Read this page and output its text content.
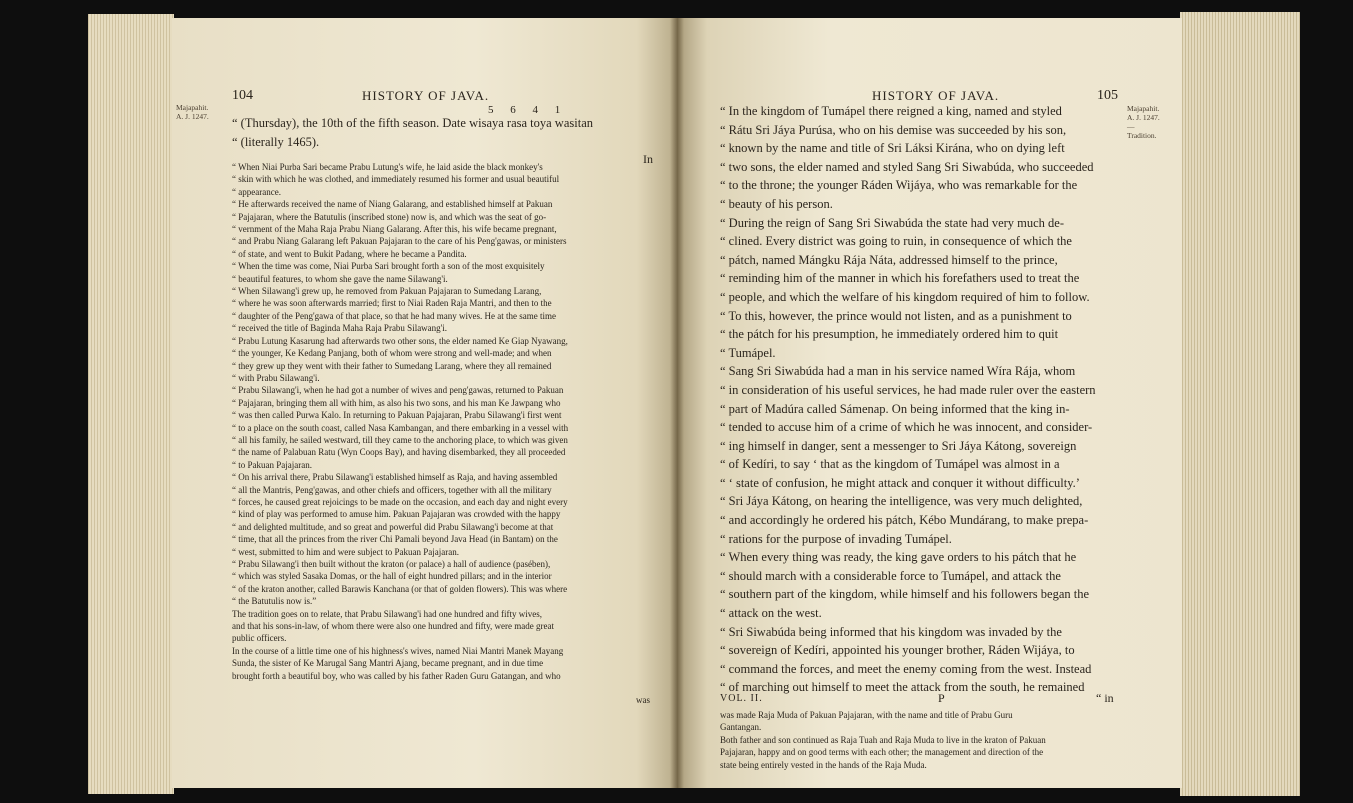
Majapahit.
A. J. 1247.
104	HISTORY OF JAVA.
5 6 4 1

“ (Thursday), the 10th of the fifth season. Date wisaya rasa toya wasitan

“ (literally 1465).

In

“ When Niai Purba Sari became Prabu Lutung's wife, he laid aside the black monkey's

“ skin with which he was clothed, and immediately resumed his former and usual beautiful

“ appearance.

“ He afterwards received the name of Niang Galarang, and established himself at Pakuan

“ Pajajaran, where the Batutulis (inscribed stone) now is, and which was the seat of go-

“ vernment of the Maha Raja Prabu Niang Galarang. After this, his wife became pregnant,

“ and Prabu Niang Galarang left Pakuan Pajajaran to the care of his Peng'gawas, or ministers

“ of state, and went to Bukit Padang, where he became a Pandita.

“ When the time was come, Niai Purba Sari brought forth a son of the most exquisitely

“ beautiful features, to whom she gave the name Silawang'i.

“ When Silawang'i grew up, he removed from Pakuan Pajajaran to Sumedang Larang,

“ where he was soon afterwards married; first to Niai Raden Raja Mantri, and then to the

“ daughter of the Peng'gawa of that place, so that he had many wives. He at the same time

“ received the title of Baginda Maha Raja Prabu Silawang'i.

“ Prabu Lutung Kasarung had afterwards two other sons, the elder named Ke Giap Nyawang,

“ the younger, Ke Kedang Panjang, both of whom were strong and well-made; and when

“ they grew up they went with their father to Sumedang Larang, where they all remained

“ with Prabu Silawang'i.

“ Prabu Silawang'i, when he had got a number of wives and peng'gawas, returned to Pakuan

“ Pajajaran, bringing them all with him, as also his two sons, and his man Ke Jawpang who

“ was then called Purwa Kalo. In returning to Pakuan Pajajaran, Prabu Silawang'i first went

“ to a place on the south coast, called Nasa Kambangan, and there embarking in a vessel with

“ all his family, he sailed westward, till they came to the anchoring place, to which was given

“ the name of Palabuan Ratu (Wyn Coops Bay), and having disembarked, they all proceeded

“ to Pakuan Pajajaran.

“ On his arrival there, Prabu Silawang'i established himself as Raja, and having assembled

“ all the Mantris, Peng'gawas, and other chiefs and officers, together with all the military

“ forces, he caused great rejoicings to be made on the occasion, and each day and night every

“ kind of play was performed to amuse him. Pakuan Pajajaran was crowded with the happy

“ and delighted multitude, and so great and powerful did Prabu Silawang'i become at that

“ time, that all the princes from the river Chi Pamali beyond Java Head (in Bantam) on the

“ west, submitted to him and were subject to Pakuan Pajajaran.

“ Prabu Silawang'i then built without the kraton (or palace) a hall of audience (pasében),

“ which was styled Sasaka Domas, or the hall of eight hundred pillars; and in the interior

“ of the kraton another, called Barawis Kanchana (or that of golden flowers). This was where

“ the Batutulis now is.”

The tradition goes on to relate, that Prabu Silawang'i had one hundred and fifty wives,

and that his sons-in-law, of whom there were also one hundred and fifty, were made great

public officers.

In the course of a little time one of his highness's wives, named Niai Mantri Manek Mayang

Sunda, the sister of Ke Marugal Sang Mantri Ajang, became pregnant, and in due time

brought forth a beautiful boy, who was called by his father Raden Guru Gatangan, and who

was
HISTORY OF JAVA.	105
Majapahit.
A. J. 1247.
—
Tradition.

“ In the kingdom of Tumápel there reigned a king, named and styled

“ Rátu Sri Jáya Purúsa, who on his demise was succeeded by his son,

“ known by the name and title of Sri Láksi Kirána, who on dying left

“ two sons, the elder named and styled Sang Sri Siwabúda, who succeeded

“ to the throne; the younger Ráden Wijáya, who was remarkable for the

“ beauty of his person.

“ During the reign of Sang Sri Siwabúda the state had very much de-

“ clined. Every district was going to ruin, in consequence of which the

“ pátch, named Mángku Rája Náta, addressed himself to the prince,

“ reminding him of the manner in which his forefathers used to treat the

“ people, and which the welfare of his kingdom required of him to follow.

“ To this, however, the prince would not listen, and as a punishment to

“ the pátch for his presumption, he immediately ordered him to quit

“ Tumápel.

“ Sang Sri Siwabúda had a man in his service named Wíra Rája, whom

“ in consideration of his useful services, he had made ruler over the eastern

“ part of Madúra called Sámenap. On being informed that the king in-

“ tended to accuse him of a crime of which he was innocent, and consider-

“ ing himself in danger, sent a messenger to Sri Jáya Kátong, sovereign

“ of Kedíri, to say ‘ that as the kingdom of Tumápel was almost in a

“ ‘ state of confusion, he might attack and conquer it without difficulty.’

“ Sri Jáya Kátong, on hearing the intelligence, was very much delighted,

“ and accordingly he ordered his pátch, Kébo Mundárang, to make prepa-

“ rations for the purpose of invading Tumápel.

“ When every thing was ready, the king gave orders to his pátch that he

“ should march with a considerable force to Tumápel, and attack the

“ southern part of the kingdom, while himself and his followers began the

“ attack on the west.

“ Sri Siwabúda being informed that his kingdom was invaded by the

“ sovereign of Kedíri, appointed his younger brother, Ráden Wijáya, to

“ command the forces, and meet the enemy coming from the west. Instead

“ of marching out himself to meet the attack from the south, he remained

VOL. II.	P	“ in

was made Raja Muda of Pakuan Pajajaran, with the name and title of Prabu Guru

Gantangan.

Both father and son continued as Raja Tuah and Raja Muda to live in the kraton of Pakuan

Pajajaran, happy and on good terms with each other; the management and direction of the

state being entirely vested in the hands of the Raja Muda.
